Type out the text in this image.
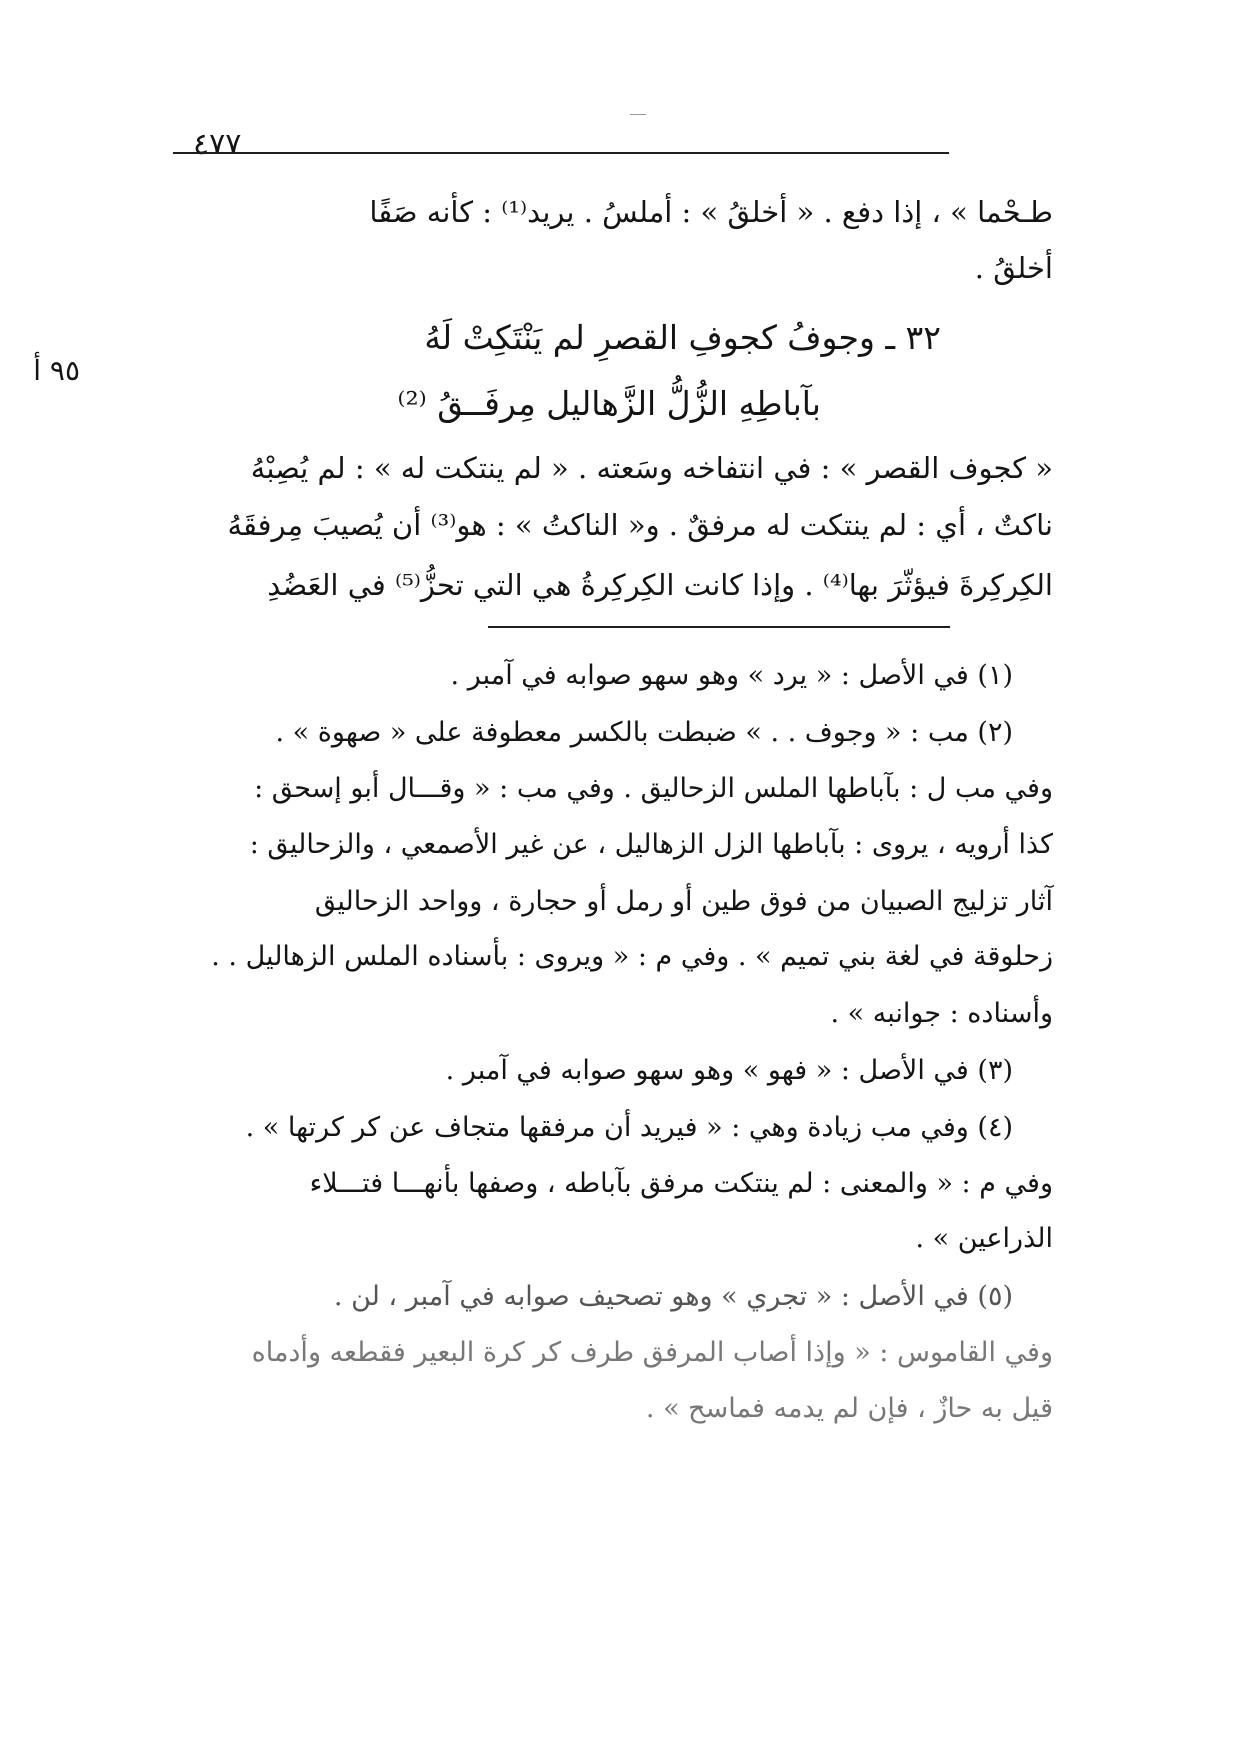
٤٧٧
٩٥ أ
طـحْما » ، إذا دفع . « أخلقُ » : أملسُ . يريد⁽¹⁾ : كأنه صَفًا
أخلقُ .
٣٢ ـ وجوفُ كجوفِ القصرِ لم يَنْتَكِتْ لَهُ
بآباطِهِ الزُّلُّ الزَّهاليل مِرفَــقُ ⁽²⁾
« كجوف القصر » : في انتفاخه وسَعته . « لم ينتكت له » : لم يُصِبْهُ
ناكتٌ ، أي : لم ينتكت له مرفقٌ . و« الناكتُ » : هو⁽³⁾ أن يُصيبَ مِرفقَهُ
الكِركِرةَ فيؤثّرَ بها⁽⁴⁾ . وإذا كانت الكِركِرةُ هي التي تحزُّ⁽⁵⁾ في العَضُدِ
(١) في الأصل : « يرد » وهو سهو صوابه في آمبر .
(٢) مب : « وجوف . . » ضبطت بالكسر معطوفة على « صهوة » .
وفي مب ل : بآباطها الملس الزحاليق . وفي مب : « وقـــال أبو إسحق :
كذا أرويه ، يروى : بآباطها الزل الزهاليل ، عن غير الأصمعي ، والزحاليق :
آثار تزليج الصبيان من فوق طين أو رمل أو حجارة ، وواحد الزحاليق
زحلوقة في لغة بني تميم » . وفي م : « ويروى : بأسناده الملس الزهاليل . .
وأسناده : جوانبه » .
(٣) في الأصل : « فهو » وهو سهو صوابه في آمبر .
(٤) وفي مب زيادة وهي : « فيريد أن مرفقها متجاف عن كر كرتها » .
وفي م : « والمعنى : لم ينتكت مرفق بآباطه ، وصفها بأنهـــا فتـــلاء
الذراعين » .
(٥) في الأصل : « تجري » وهو تصحيف صوابه في آمبر ، لن .
وفي القاموس : « وإذا أصاب المرفق طرف كر كرة البعير فقطعه وأدماه
قيل به حازٌ ، فإن لم يدمه فماسح » .
